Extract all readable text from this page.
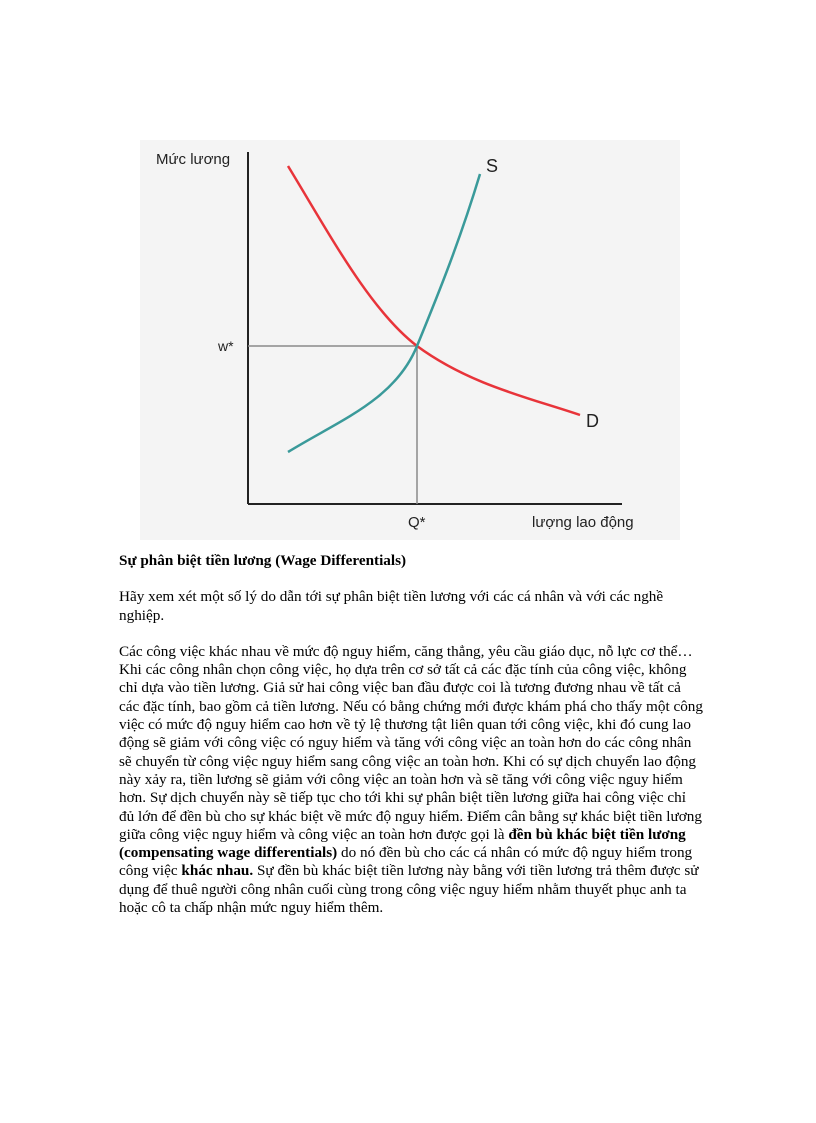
Mức lương
lượng lao động
S
D
w*
Q*

Sự phân biệt tiền lương (Wage Differentials)

Hãy xem xét một số lý do dẫn tới sự phân biệt tiền lương với các cá nhân và với các nghề nghiệp.

Các công việc khác nhau về mức độ nguy hiểm, căng thẳng, yêu cầu giáo dục, nỗ lực cơ thể…Khi các công nhân chọn công việc, họ dựa trên cơ sở tất cả các đặc tính của công việc, không chỉ dựa vào tiền lương. Giả sử hai công việc ban đầu được coi là tương đương nhau về tất cả các đặc tính, bao gồm cả tiền lương. Nếu có bằng chứng mới được khám phá cho thấy một công việc có mức độ nguy hiểm cao hơn về tỷ lệ thương tật liên quan tới công việc, khi đó cung lao động sẽ giảm với công việc có nguy hiểm và tăng với công việc an toàn hơn do các công nhân sẽ chuyển từ công việc nguy hiểm sang công việc an toàn hơn. Khi có sự dịch chuyển lao động này xảy ra, tiền lương sẽ giảm với công việc an toàn hơn và sẽ tăng với công việc nguy hiểm hơn. Sự dịch chuyển này sẽ tiếp tục cho tới khi sự phân biệt tiền lương giữa hai công việc chỉ đủ lớn để đền bù cho sự khác biệt về mức độ nguy hiểm. Điểm cân bằng sự khác biệt tiền lương giữa công việc nguy hiểm và công việc an toàn hơn được gọi là đền bù khác biệt tiền lương (compensating wage differentials) do nó đền bù cho các cá nhân có mức độ nguy hiểm trong công việc khác nhau. Sự đền bù khác biệt tiền lương này bằng với tiền lương trả thêm được sử dụng để thuê người công nhân cuối cùng trong công việc nguy hiểm nhằm thuyết phục anh ta hoặc cô ta chấp nhận mức nguy hiểm thêm.
